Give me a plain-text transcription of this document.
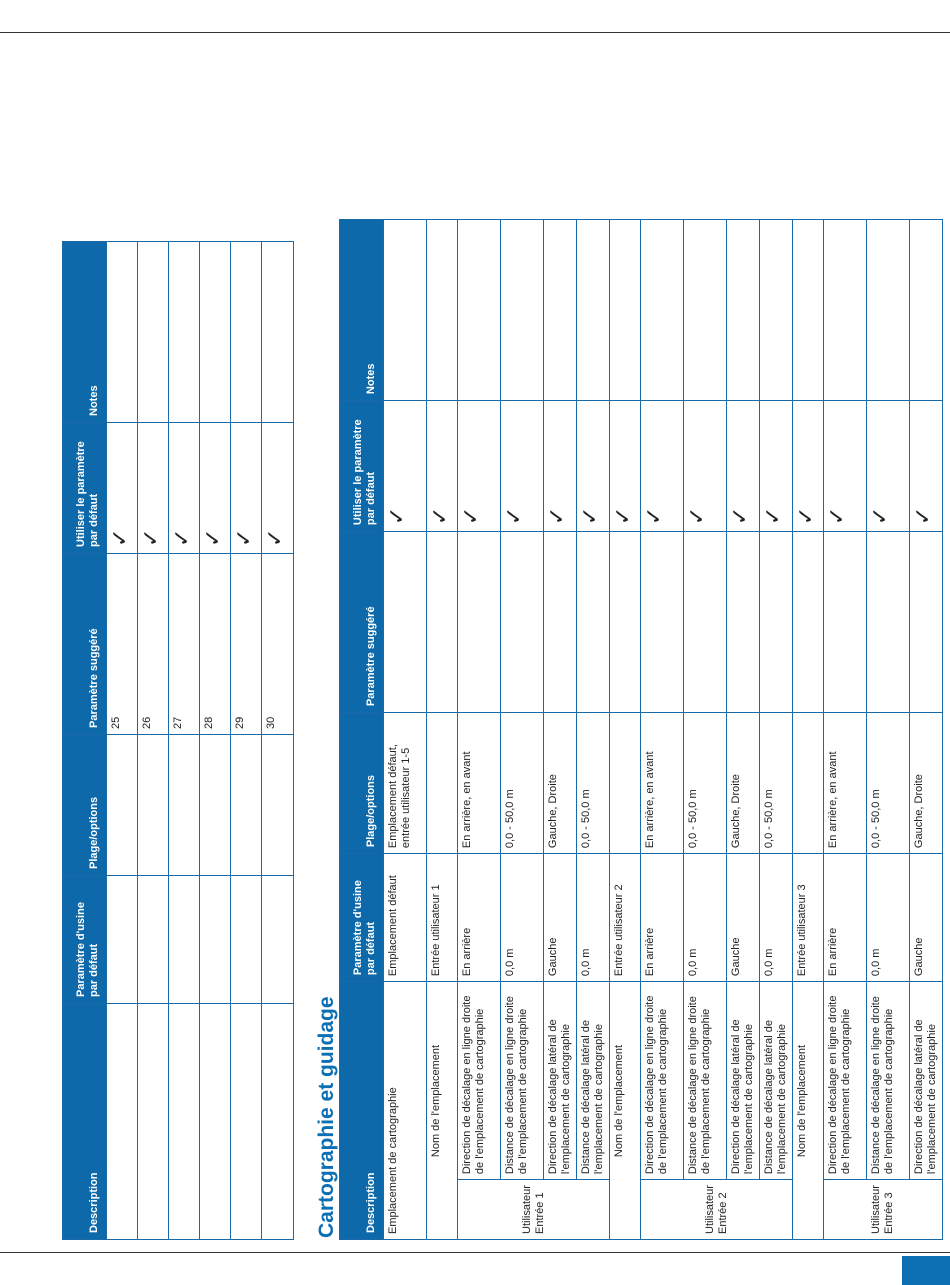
Description	Paramètre d'usine par défaut	Plage/options	Paramètre suggéré	Utiliser le paramètre par défaut	Notes
			25	✓	
			26	✓	
			27	✓	
			28	✓	
			29	✓	
			30	✓	
Cartographie et guidage Description		Paramètre d'usine par défaut	Plage/options	Paramètre suggéré	Utiliser le paramètre par défaut	Notes
Emplacement de cartographie		Emplacement défaut	Emplacement défaut, entrée utilisateur 1-5		✓	
	Nom de l'emplacement	Entrée utilisateur 1			✓	
Utilisateur Entrée 1	Direction de décalage en ligne droite de l'emplacement de cartographie	En arrière	En arrière, en avant		✓	
	Distance de décalage en ligne droite de l'emplacement de cartographie	0,0 m	0,0 - 50,0 m		✓	
	Direction de décalage latéral de l'emplacement de cartographie	Gauche	Gauche, Droite		✓	
	Distance de décalage latéral de l'emplacement de cartographie	0,0 m	0,0 - 50,0 m		✓	
	Nom de l'emplacement	Entrée utilisateur 2			✓	
Utilisateur Entrée 2	Direction de décalage en ligne droite de l'emplacement de cartographie	En arrière	En arrière, en avant		✓	
	Distance de décalage en ligne droite de l'emplacement de cartographie	0,0 m	0,0 - 50,0 m		✓	
	Direction de décalage latéral de l'emplacement de cartographie	Gauche	Gauche, Droite		✓	
	Distance de décalage latéral de l'emplacement de cartographie	0,0 m	0,0 - 50,0 m		✓	
	Nom de l'emplacement	Entrée utilisateur 3			✓	
Utilisateur Entrée 3	Direction de décalage en ligne droite de l'emplacement de cartographie	En arrière	En arrière, en avant		✓	
	Distance de décalage en ligne droite de l'emplacement de cartographie	0,0 m	0,0 - 50,0 m		✓	
	Direction de décalage latéral de l'emplacement de cartographie	Gauche	Gauche, Droite		✓	
